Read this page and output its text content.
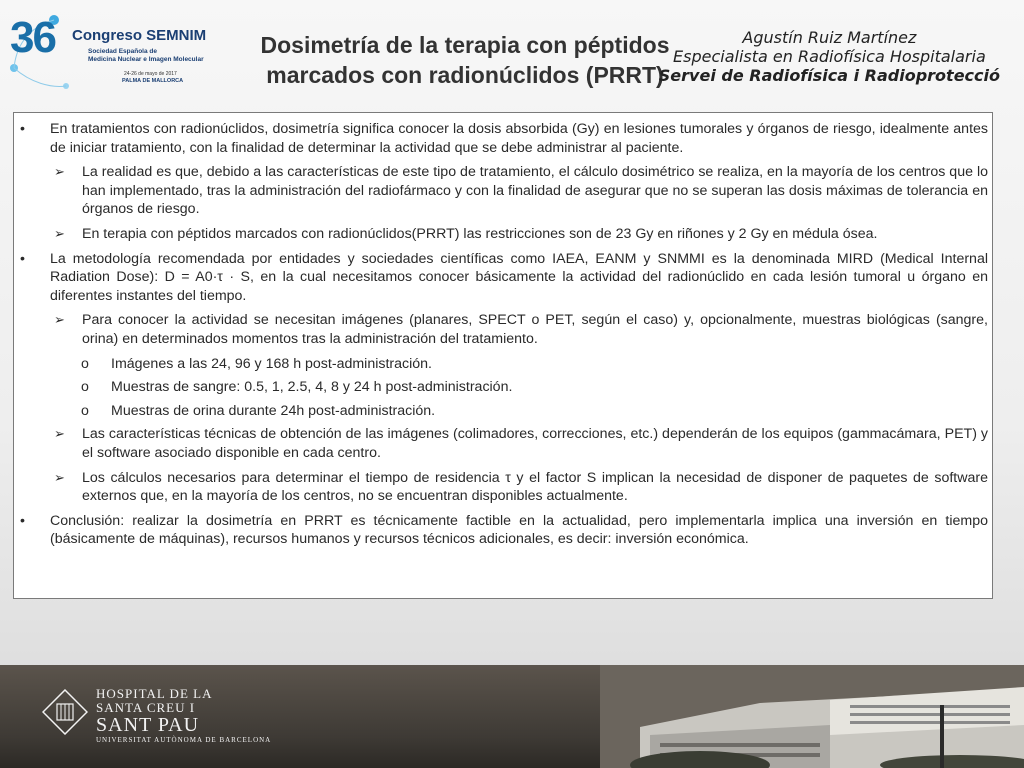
36 Congreso SEMNIM
Sociedad Española de
Medicina Nuclear e Imagen Molecular
24-26 de mayo de 2017
PALMA DE MALLORCA
Dosimetría de la terapia con péptidos
marcados con radionúclidos (PRRT)
Agustín Ruiz Martínez
Especialista en Radiofísica Hospitalaria
Servei de Radiofísica i Radioprotecció
• En tratamientos con radionúclidos, dosimetría significa conocer la dosis absorbida (Gy) en lesiones tumorales y órganos de riesgo, idealmente antes de iniciar tratamiento, con la finalidad de determinar la actividad que se debe administrar al paciente.
➢ La realidad es que, debido a las características de este tipo de tratamiento, el cálculo dosimétrico se realiza, en la mayoría de los centros que lo han implementado, tras la administración del radiofármaco y con la finalidad de asegurar que no se superan las dosis máximas de tolerancia en órganos de riesgo.
➢ En terapia con péptidos marcados con radionúclidos(PRRT) las restricciones son de 23 Gy en riñones y 2 Gy en médula ósea.
• La metodología recomendada por entidades y sociedades científicas como IAEA, EANM y SNMMI es la denominada MIRD (Medical Internal Radiation Dose): D = A0·τ · S, en la cual necesitamos conocer básicamente la actividad del radionúclido en cada lesión tumoral u órgano en diferentes instantes del tiempo.
➢ Para conocer la actividad se necesitan imágenes (planares, SPECT o PET, según el caso) y, opcionalmente, muestras biológicas (sangre, orina) en determinados momentos tras la administración del tratamiento.
o Imágenes a las 24, 96 y 168 h post-administración.
o Muestras de sangre: 0.5, 1, 2.5, 4, 8 y 24 h post-administración.
o Muestras de orina durante 24h post-administración.
➢ Las características técnicas de obtención de las imágenes (colimadores, correcciones, etc.) dependerán de los equipos (gammacámara, PET) y el software asociado disponible en cada centro.
➢ Los cálculos necesarios para determinar el tiempo de residencia τ y el factor S implican la necesidad de disponer de paquetes de software externos que, en la mayoría de los centros, no se encuentran disponibles actualmente.
• Conclusión: realizar la dosimetría en PRRT es técnicamente factible en la actualidad, pero implementarla implica una inversión en tiempo (básicamente de máquinas), recursos humanos y recursos técnicos adicionales, es decir: inversión económica.
HOSPITAL DE LA
SANTA CREU I
SANT PAU
UNIVERSITAT AUTÒNOMA DE BARCELONA
